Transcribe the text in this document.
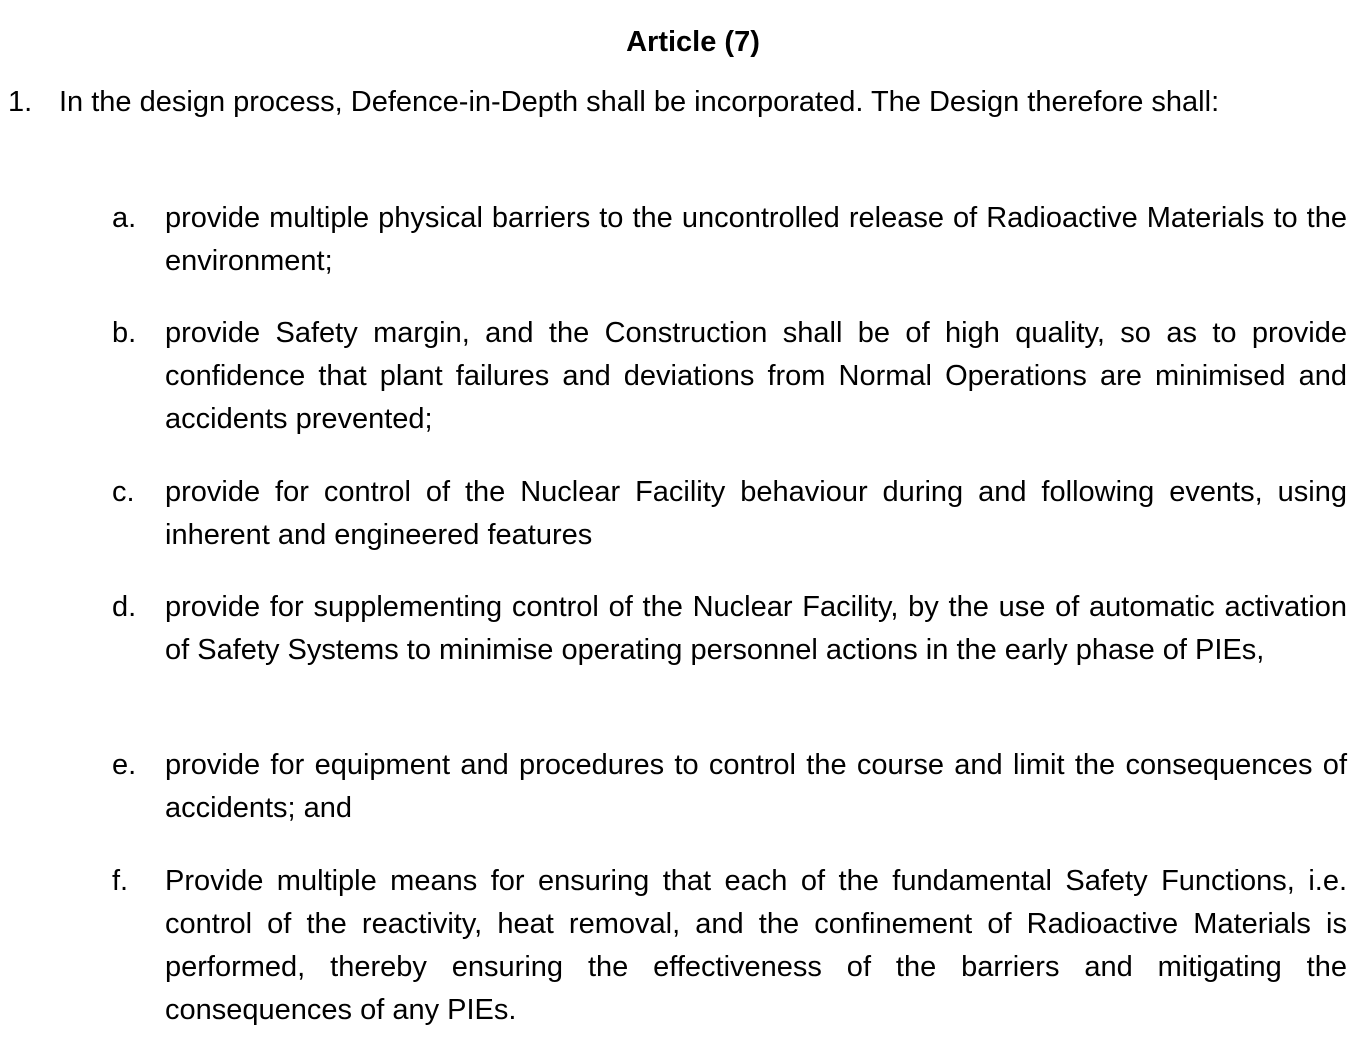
Article (7)
1. In the design process, Defence-in-Depth shall be incorporated. The Design therefore shall:
a. provide multiple physical barriers to the uncontrolled release of Radioactive Materials to the environment;
b. provide Safety margin, and the Construction shall be of high quality, so as to provide confidence that plant failures and deviations from Normal Operations are minimised and accidents prevented;
c. provide for control of the Nuclear Facility behaviour during and following events, using inherent and engineered features
d. provide for supplementing control of the Nuclear Facility, by the use of automatic activation of Safety Systems to minimise operating personnel actions in the early phase of PIEs,
e. provide for equipment and procedures to control the course and limit the consequences of accidents; and
f. Provide multiple means for ensuring that each of the fundamental Safety Functions, i.e. control of the reactivity, heat removal, and the confinement of Radioactive Materials is performed, thereby ensuring the effectiveness of the barriers and mitigating the consequences of any PIEs.
